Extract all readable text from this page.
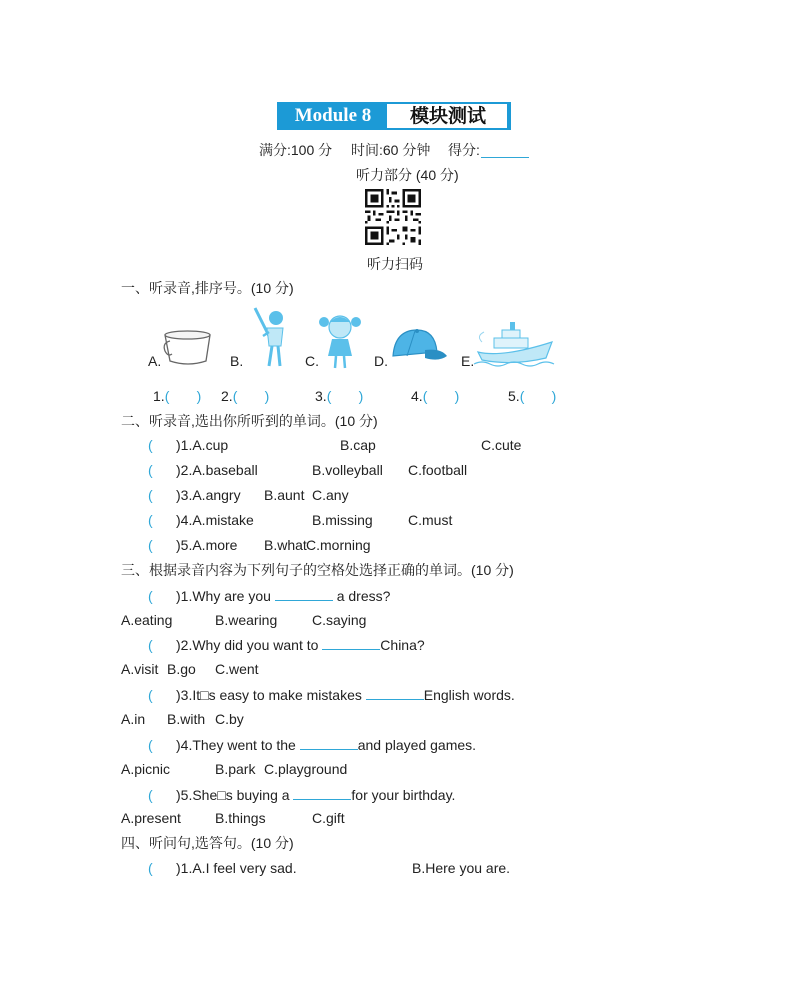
Module 8	模块测试
满分:100 分 时间:60 分钟 得分:
听力部分 (40 分)
听力扫码
一、听录音,排序号。(10 分)
A.	B.	C.	D.	E.
1.(       ) 2.(       )	3.(       )	4.(       )	5.(       )
二、听录音,选出你所听到的单词。(10 分)
(      )1.A.cup	B.cap	C.cute
(      )2.A.baseball	B.volleyball C.football
(      )3.A.angry B.aunt C.any
(      )4.A.mistake	B.missing	C.must
(      )5.A.more B.what C.morning
三、根据录音内容为下列句子的空格处选择正确的单词。(10 分)
(      )1.Why are you	a dress?
A.eating	B.wearing C.saying
(      )2.Why did you want to	China?
A.visit B.go C.went
(      )3.It□s easy to make mistakes	English words.
A.in B.with C.by
(      )4.They went to the	and played games.
A.picnic	B.park C.playground
(      )5.She□s buying a	for your birthday.
A.present B.things	C.gift
四、听问句,选答句。(10 分)
(      )1.A.I feel very sad.	B.Here you are.
